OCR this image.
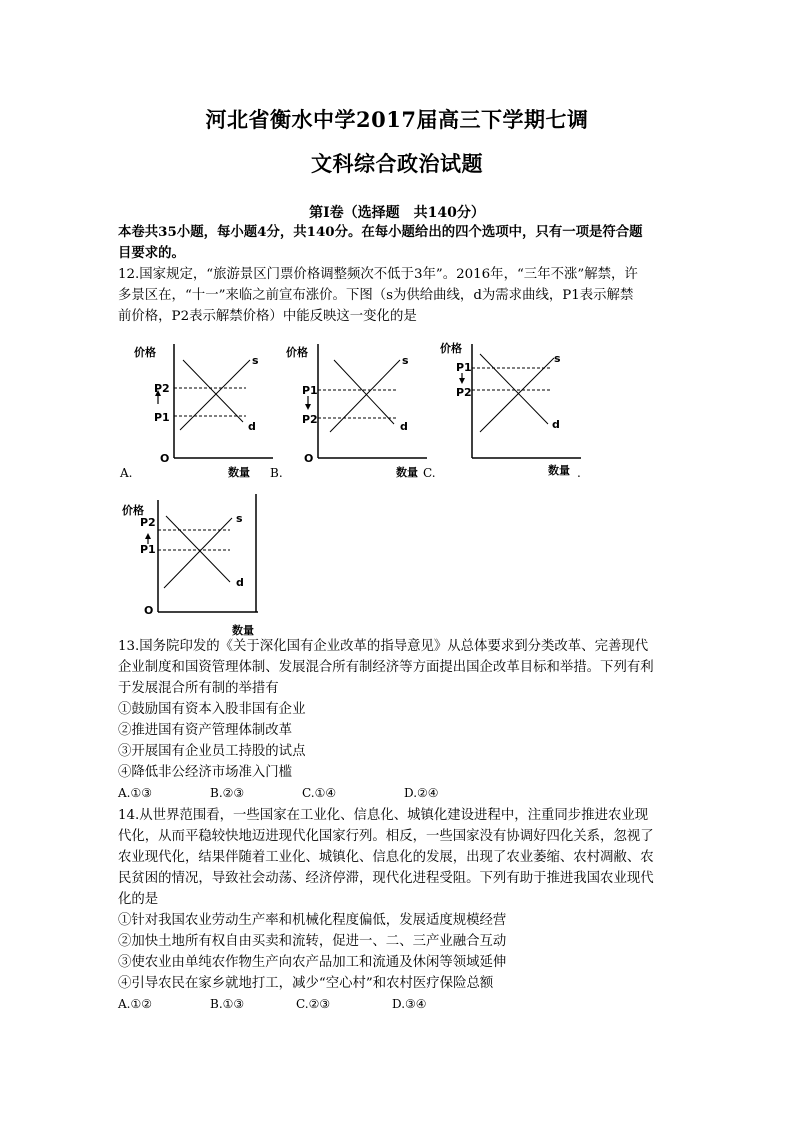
河北省衡水中学2017届高三下学期七调
文科综合政治试题
第Ⅰ卷（选择题　共140分）
本卷共35小题，每小题4分，共140分。在每小题给出的四个选项中，只有一项是符合题
目要求的。
12.国家规定，“旅游景区门票价格调整频次不低于3年”。2016年，“三年不涨”解禁，许
多景区在，“十一”来临之前宣布涨价。下图（s为供给曲线，d为需求曲线，P1表示解禁
前价格，P2表示解禁价格）中能反映这一变化的是
价格
P2
P1
s
d
O
数量
A.
价格
P1
P2
s
d
O
数量
B.
价格
P1
P2
s
d
数量
C.	.
价格
P2
P1
s
d
O
数量
13.国务院印发的《关于深化国有企业改革的指导意见》从总体要求到分类改革、完善现代
企业制度和国资管理体制、发展混合所有制经济等方面提出国企改革目标和举措。下列有利
于发展混合所有制的举措有
①鼓励国有资本入股非国有企业
②推进国有资产管理体制改革
③开展国有企业员工持股的试点
④降低非公经济市场准入门槛
A.①③	B.②③	C.①④	D.②④
14.从世界范围看，一些国家在工业化、信息化、城镇化建设进程中，注重同步推进农业现
代化，从而平稳较快地迈进现代化国家行列。相反，一些国家没有协调好四化关系，忽视了
农业现代化，结果伴随着工业化、城镇化、信息化的发展，出现了农业萎缩、农村凋敝、农
民贫困的情况，导致社会动荡、经济停滞，现代化进程受阻。下列有助于推进我国农业现代
化的是
①针对我国农业劳动生产率和机械化程度偏低，发展适度规模经营
②加快土地所有权自由买卖和流转，促进一、二、三产业融合互动
③使农业由单纯农作物生产向农产品加工和流通及休闲等领域延伸
④引导农民在家乡就地打工，减少“空心村”和农村医疗保险总额
A.①②	B.①③	C.②③	D.③④
